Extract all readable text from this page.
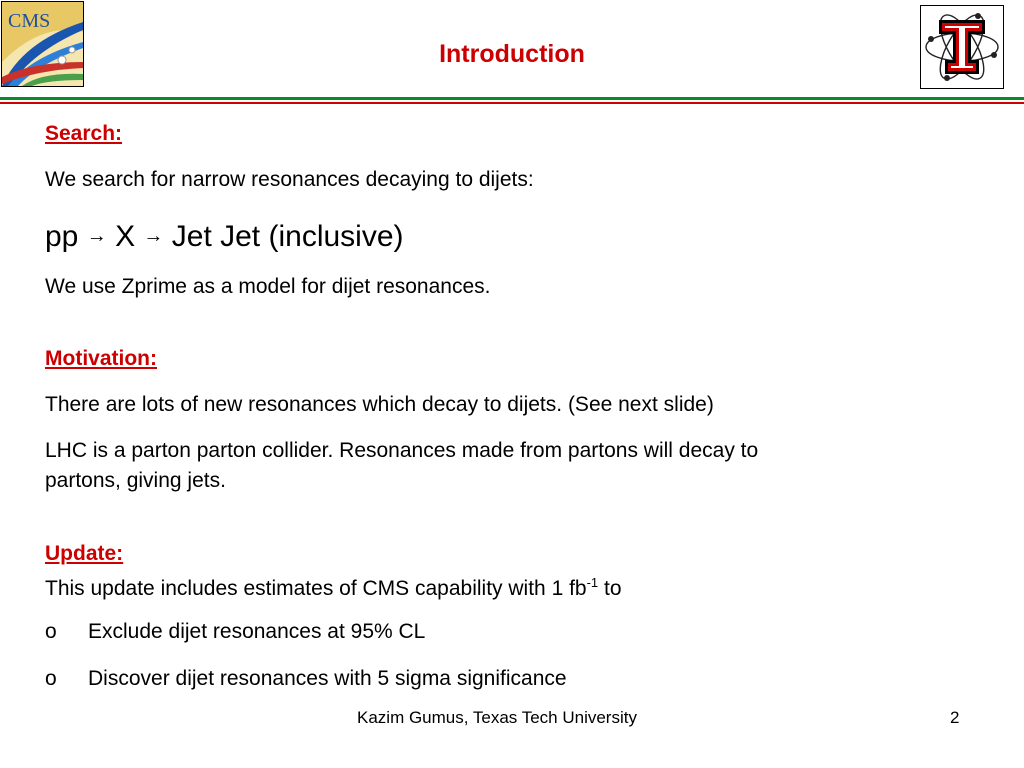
CMS
Introduction
Search:
We search for narrow resonances decaying to dijets:
pp → X → Jet Jet (inclusive)
We use Zprime as a model for dijet resonances.
Motivation:
There are lots of new resonances which decay to dijets. (See next slide)
LHC is a parton parton collider. Resonances made from partons will decay to
partons, giving jets.
Update:
This update includes estimates of CMS capability with 1 $fb^{-1}$ to
o Exclude dijet resonances at 95% CL
o Discover dijet resonances with 5 sigma significance
Kazim Gumus, Texas Tech University	2
